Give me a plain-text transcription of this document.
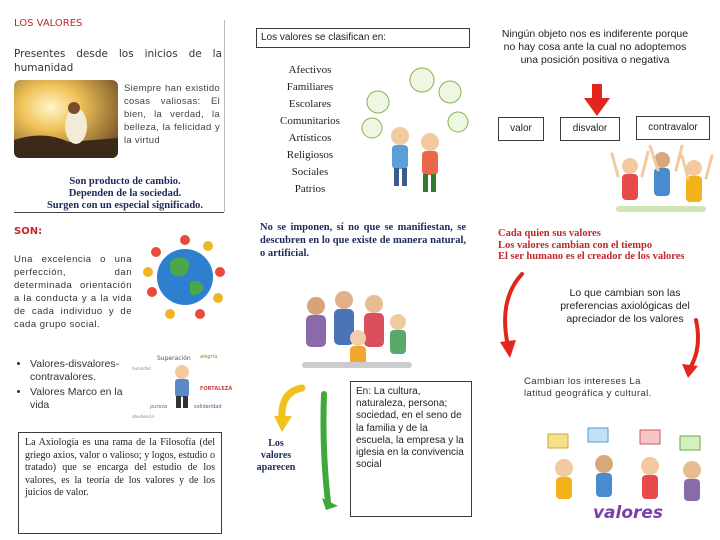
LOS VALORES
Presentes desde los inicios de la humanidad
Siempre han existido cosas valiosas: El bien, la verdad, la belleza, la felicidad y la virtud
Son producto de cambio.
Dependen de la sociedad.
Surgen con un especial significado.
SON:
Una excelencia o una perfección, dan determinada orientación a la conducta y a la vida de cada individuo y de cada grupo social.
• Valores-disvalores-contravalores.
• Valores Marco en la vida
Superación alegría
FORTALEZA
humildad
pureza
obediencia
solidaridad
La Axiología es una rama de la Filosofía (del griego axios, valor o valioso; y logos, estudio o tratado) que se encarga del estudio de los valores, es la teoría de los valores y de los juicios de valor.
Los valores se clasifican en:
Afectivos
Familiares
Escolares
Comunitarios
Artísticos
Religiosos
Sociales
Patrios
No se imponen, sí no que se manifiestan, se descubren en lo que existe de manera natural, o artificial.
Los valores aparecen
En: La cultura, naturaleza, persona; sociedad, en el seno de la familia y de la escuela, la empresa y la iglesia en la convivencia social
Ningún objeto nos es indiferente porque no hay cosa ante la cual no adoptemos una posición positiva o negativa
valor	disvalor	contravalor
Cada quien sus valores
Los valores cambian con el tiempo
El ser humano es el creador de los valores
Lo que cambian son las preferencias axiológicas del apreciador de los valores
Cambian los intereses La latitud geográfica y cultural.
valores
